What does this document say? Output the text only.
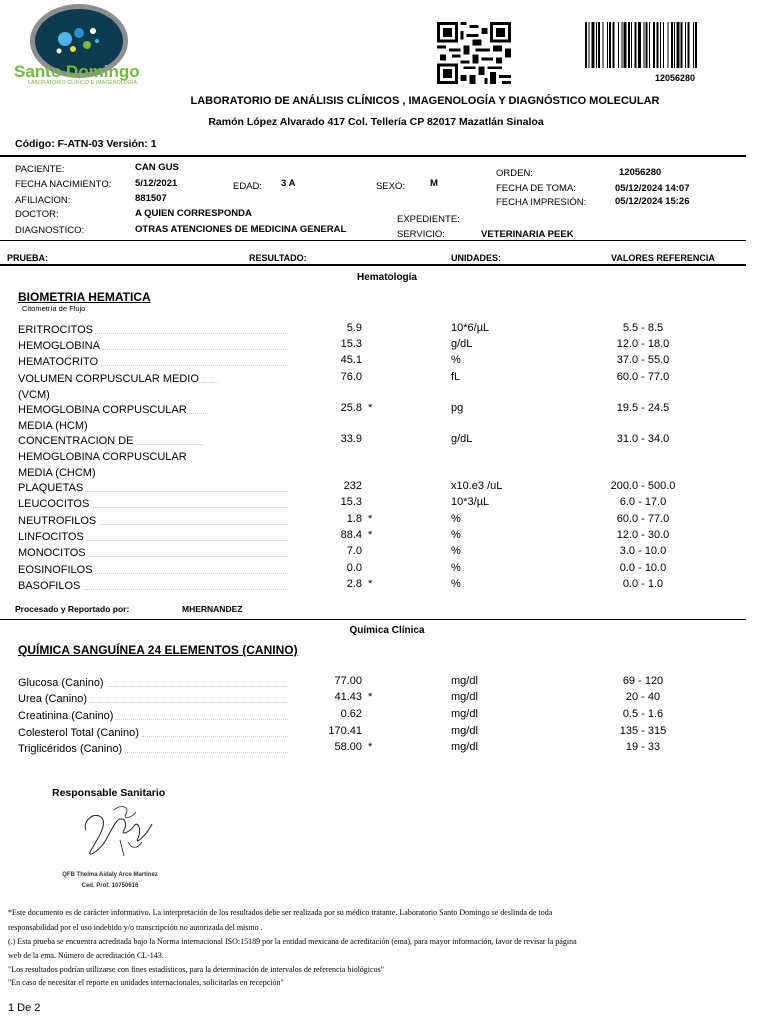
Santo Domingo
LABORATORIO CLÍNICO E IMAGENOLOGÍA	12056280
LABORATORIO DE ANÁLISIS CLÍNICOS , IMAGENOLOGÍA Y DIAGNÓSTICO MOLECULAR
Ramón López Alvarado 417 Col. Tellería CP 82017 Mazatlán Sinaloa
Código: F-ATN-03 Versión: 1
PACIENTE:	CAN GUS
FECHA NACIMIENTO: 5/12/2021	EDAD: 3 A	SEXO:	M
AFILIACION:	881507
DOCTOR:	A QUIEN CORRESPONDA
DIAGNOSTICO:	OTRAS ATENCIONES DE MEDICINA GENERAL
ORDEN:	12056280
FECHA DE TOMA:	05/12/2024 14:07
FECHA IMPRESIÓN:	05/12/2024 15:26
EXPEDIENTE:
SERVICIO:	VETERINARIA PEEK
PRUEBA:	RESULTADO:	UNIDADES:	VALORES REFERENCIA
Hematología
BIOMETRIA HEMATICA
Citometría de Flujo
ERITROCITOS	5.9	10*6/µL	5.5 - 8.5
HEMOGLOBINA	15.3	g/dL	12.0 - 18.0
HEMATOCRITO	45.1	%	37.0 - 55.0
VOLUMEN CORPUSCULAR MEDIO (VCM)
76.0	fL	60.0 - 77.0
HEMOGLOBINA CORPUSCULAR MEDIA (HCM)
25.8 *	pg	19.5 - 24.5
CONCENTRACION DE HEMOGLOBINA CORPUSCULAR MEDIA (CHCM)
33.9	g/dL	31.0 - 34.0
PLAQUETAS	232	x10.e3 /uL	200.0 - 500.0
LEUCOCITOS	15.3	10*3/µL	6.0 - 17.0
NEUTROFILOS	1.8 *	%	60.0 - 77.0
LINFOCITOS	88.4 *	%	12.0 - 30.0
MONOCITOS	7.0	%	3.0 - 10.0
EOSINOFILOS	0.0	%	0.0 - 10.0
BASOFILOS	2.8 *	%	0.0 - 1.0
Procesado y Reportado por:	MHERNANDEZ
Química Clínica
QUÍMICA SANGUÍNEA 24 ELEMENTOS (CANINO)
Glucosa (Canino)	77.00	mg/dl	69 - 120
Urea (Canino)	41.43 *	mg/dl	20 - 40
Creatinina (Canino)	0.62	mg/dl	0.5 - 1.6
Colesterol Total (Canino)	170.41	mg/dl	135 - 315
Triglicéridos (Canino)	58.00 *	mg/dl	19 - 33
Responsable Sanitario
QFB Thelma Aidaly Arce Martínez
Ced. Prof. 10750616
*Este documento es de carácter informativo. La interpretación de los resultados debe ser realizada por su médico tratante. Laboratorio Santo Domingo se deslinda de toda
responsabilidad por el uso indebido y/o transcripción no autorizada del mismo .
(.) Esta prueba se encuentra acreditada bajo la Norma internacional ISO:15189 por la entidad mexicana de acreditación (ema), para mayor información, favor de revisar la página
web de la ema. Número de acreditación CL-143.
"Los resultados podrían utilizarse con fines estadísticos, para la determinación de intervalos de referencia biológicos"
"En caso de necesitar el reporte en unidades internacionales, solicitarlas en recepción"
1 De 2
